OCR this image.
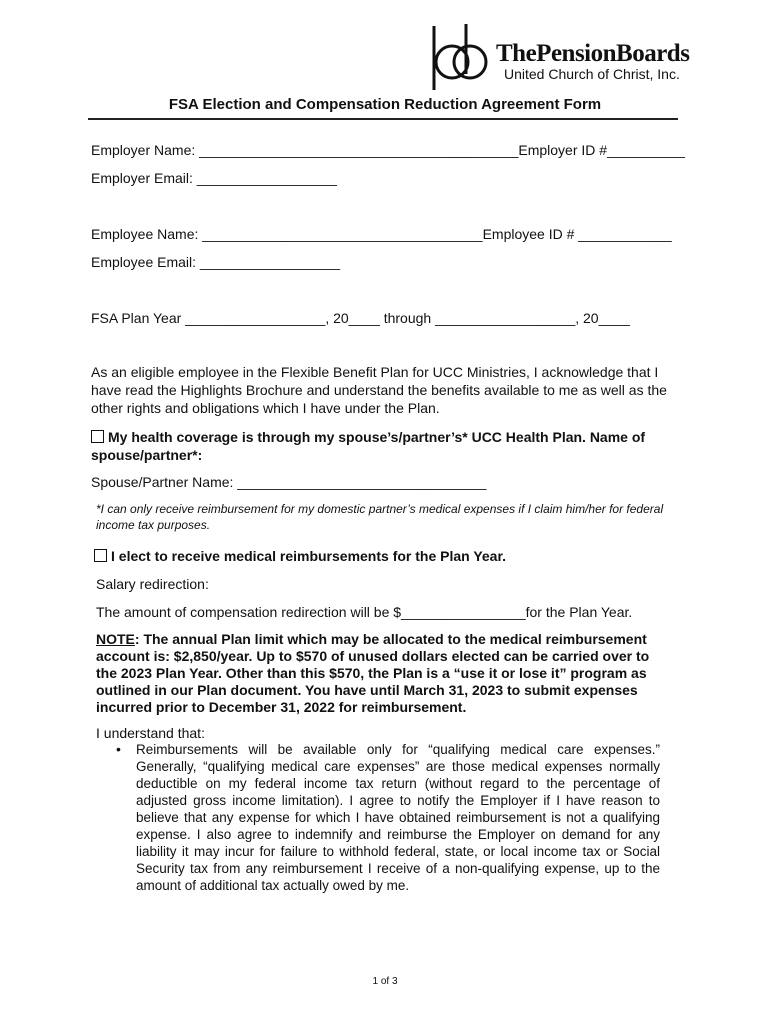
ThePensionBoards
United Church of Christ, Inc.
FSA Election and Compensation Reduction Agreement Form
Employer Name: _________________________________________Employer ID #__________
Employer Email: __________________
Employee Name: ____________________________________Employee ID # ____________
Employee Email: __________________
FSA Plan Year __________________, 20____ through __________________, 20____
As an eligible employee in the Flexible Benefit Plan for UCC Ministries, I acknowledge that I have read the Highlights Brochure and understand the benefits available to me as well as the other rights and obligations which I have under the Plan.
My health coverage is through my spouse’s/partner’s* UCC Health Plan. Name of spouse/partner*:
Spouse/Partner Name: ________________________________
*I can only receive reimbursement for my domestic partner’s medical expenses if I claim him/her for federal income tax purposes.
I elect to receive medical reimbursements for the Plan Year.
Salary redirection:
The amount of compensation redirection will be $________________for the Plan Year.
NOTE: The annual Plan limit which may be allocated to the medical reimbursement account is: $2,850/year. Up to $570 of unused dollars elected can be carried over to the 2023 Plan Year. Other than this $570, the Plan is a “use it or lose it” program as outlined in our Plan document. You have until March 31, 2023 to submit expenses incurred prior to December 31, 2022 for reimbursement.
I understand that:
• Reimbursements will be available only for “qualifying medical care expenses.” Generally, “qualifying medical care expenses” are those medical expenses normally deductible on my federal income tax return (without regard to the percentage of adjusted gross income limitation). I agree to notify the Employer if I have reason to believe that any expense for which I have obtained reimbursement is not a qualifying expense. I also agree to indemnify and reimburse the Employer on demand for any liability it may incur for failure to withhold federal, state, or local income tax or Social Security tax from any reimbursement I receive of a non-qualifying expense, up to the amount of additional tax actually owed by me.
1 of 3
